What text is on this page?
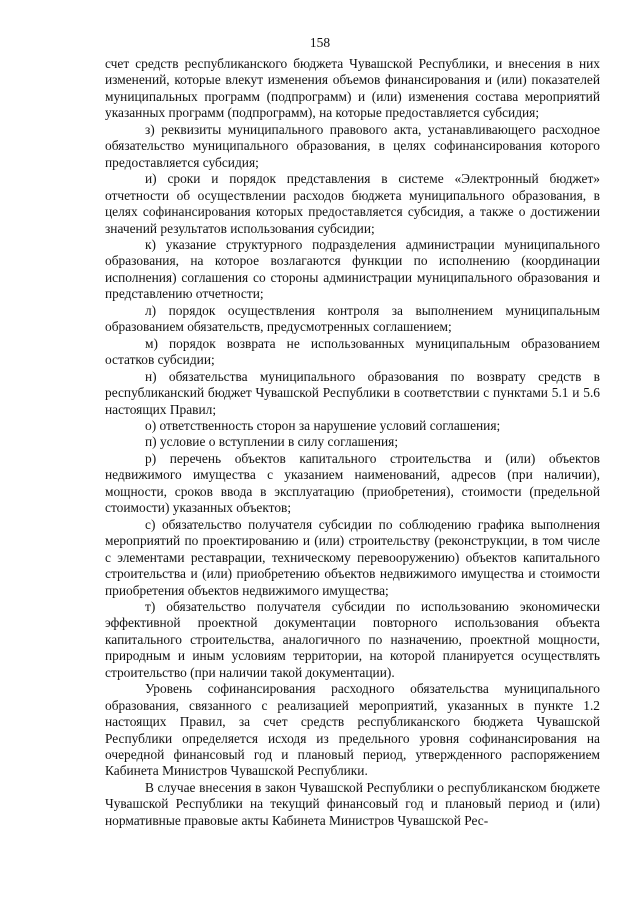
158

счет средств республиканского бюджета Чувашской Республики, и внесения в них изменений, которые влекут изменения объемов финансирования и (или) показателей муниципальных программ (подпрограмм) и (или) изменения состава мероприятий указанных программ (подпрограмм), на которые предоставляется субсидия;

з) реквизиты муниципального правового акта, устанавливающего расходное обязательство муниципального образования, в целях софинансирования которого предоставляется субсидия;

и) сроки и порядок представления в системе «Электронный бюджет» отчетности об осуществлении расходов бюджета муниципального образования, в целях софинансирования которых предоставляется субсидия, а также о достижении значений результатов использования субсидии;

к) указание структурного подразделения администрации муниципального образования, на которое возлагаются функции по исполнению (координации исполнения) соглашения со стороны администрации муниципального образования и представлению отчетности;

л) порядок осуществления контроля за выполнением муниципальным образованием обязательств, предусмотренных соглашением;

м) порядок возврата не использованных муниципальным образованием остатков субсидии;

н) обязательства муниципального образования по возврату средств в республиканский бюджет Чувашской Республики в соответствии с пунктами 5.1 и 5.6 настоящих Правил;

о) ответственность сторон за нарушение условий соглашения;

п) условие о вступлении в силу соглашения;

р) перечень объектов капитального строительства и (или) объектов недвижимого имущества с указанием наименований, адресов (при наличии), мощности, сроков ввода в эксплуатацию (приобретения), стоимости (предельной стоимости) указанных объектов;

с) обязательство получателя субсидии по соблюдению графика выполнения мероприятий по проектированию и (или) строительству (реконструкции, в том числе с элементами реставрации, техническому перевооружению) объектов капитального строительства и (или) приобретению объектов недвижимого имущества и стоимости приобретения объектов недвижимого имущества;

т) обязательство получателя субсидии по использованию экономически эффективной проектной документации повторного использования объекта капитального строительства, аналогичного по назначению, проектной мощности, природным и иным условиям территории, на которой планируется осуществлять строительство (при наличии такой документации).

Уровень софинансирования расходного обязательства муниципального образования, связанного с реализацией мероприятий, указанных в пункте 1.2 настоящих Правил, за счет средств республиканского бюджета Чувашской Республики определяется исходя из предельного уровня софинансирования на очередной финансовый год и плановый период, утвержденного распоряжением Кабинета Министров Чувашской Республики.

В случае внесения в закон Чувашской Республики о республиканском бюджете Чувашской Республики на текущий финансовый год и плановый период и (или) нормативные правовые акты Кабинета Министров Чувашской Рес-
